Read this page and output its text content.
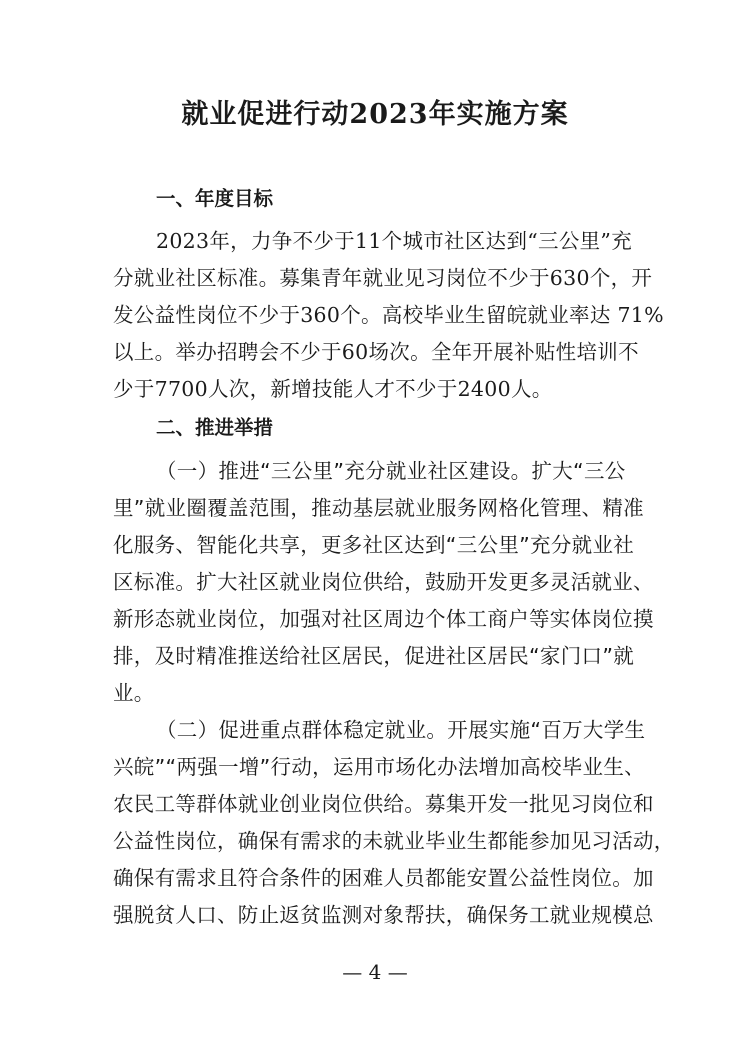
就业促进行动2023年实施方案
一、年度目标
2023年，力争不少于11个城市社区达到“三公里”充
分就业社区标准。募集青年就业见习岗位不少于630个，开
发公益性岗位不少于360个。高校毕业生留皖就业率达 71%
以上。举办招聘会不少于60场次。全年开展补贴性培训不
少于7700人次，新增技能人才不少于2400人。
二、推进举措
（一）推进“三公里”充分就业社区建设。扩大“三公
里”就业圈覆盖范围，推动基层就业服务网格化管理、精准
化服务、智能化共享，更多社区达到“三公里”充分就业社
区标准。扩大社区就业岗位供给，鼓励开发更多灵活就业、
新形态就业岗位，加强对社区周边个体工商户等实体岗位摸
排，及时精准推送给社区居民，促进社区居民“家门口”就
业。
（二）促进重点群体稳定就业。开展实施“百万大学生
兴皖”“两强一增”行动，运用市场化办法增加高校毕业生、
农民工等群体就业创业岗位供给。募集开发一批见习岗位和
公益性岗位，确保有需求的未就业毕业生都能参加见习活动，
确保有需求且符合条件的困难人员都能安置公益性岗位。加
强脱贫人口、防止返贫监测对象帮扶，确保务工就业规模总
— 4 —
